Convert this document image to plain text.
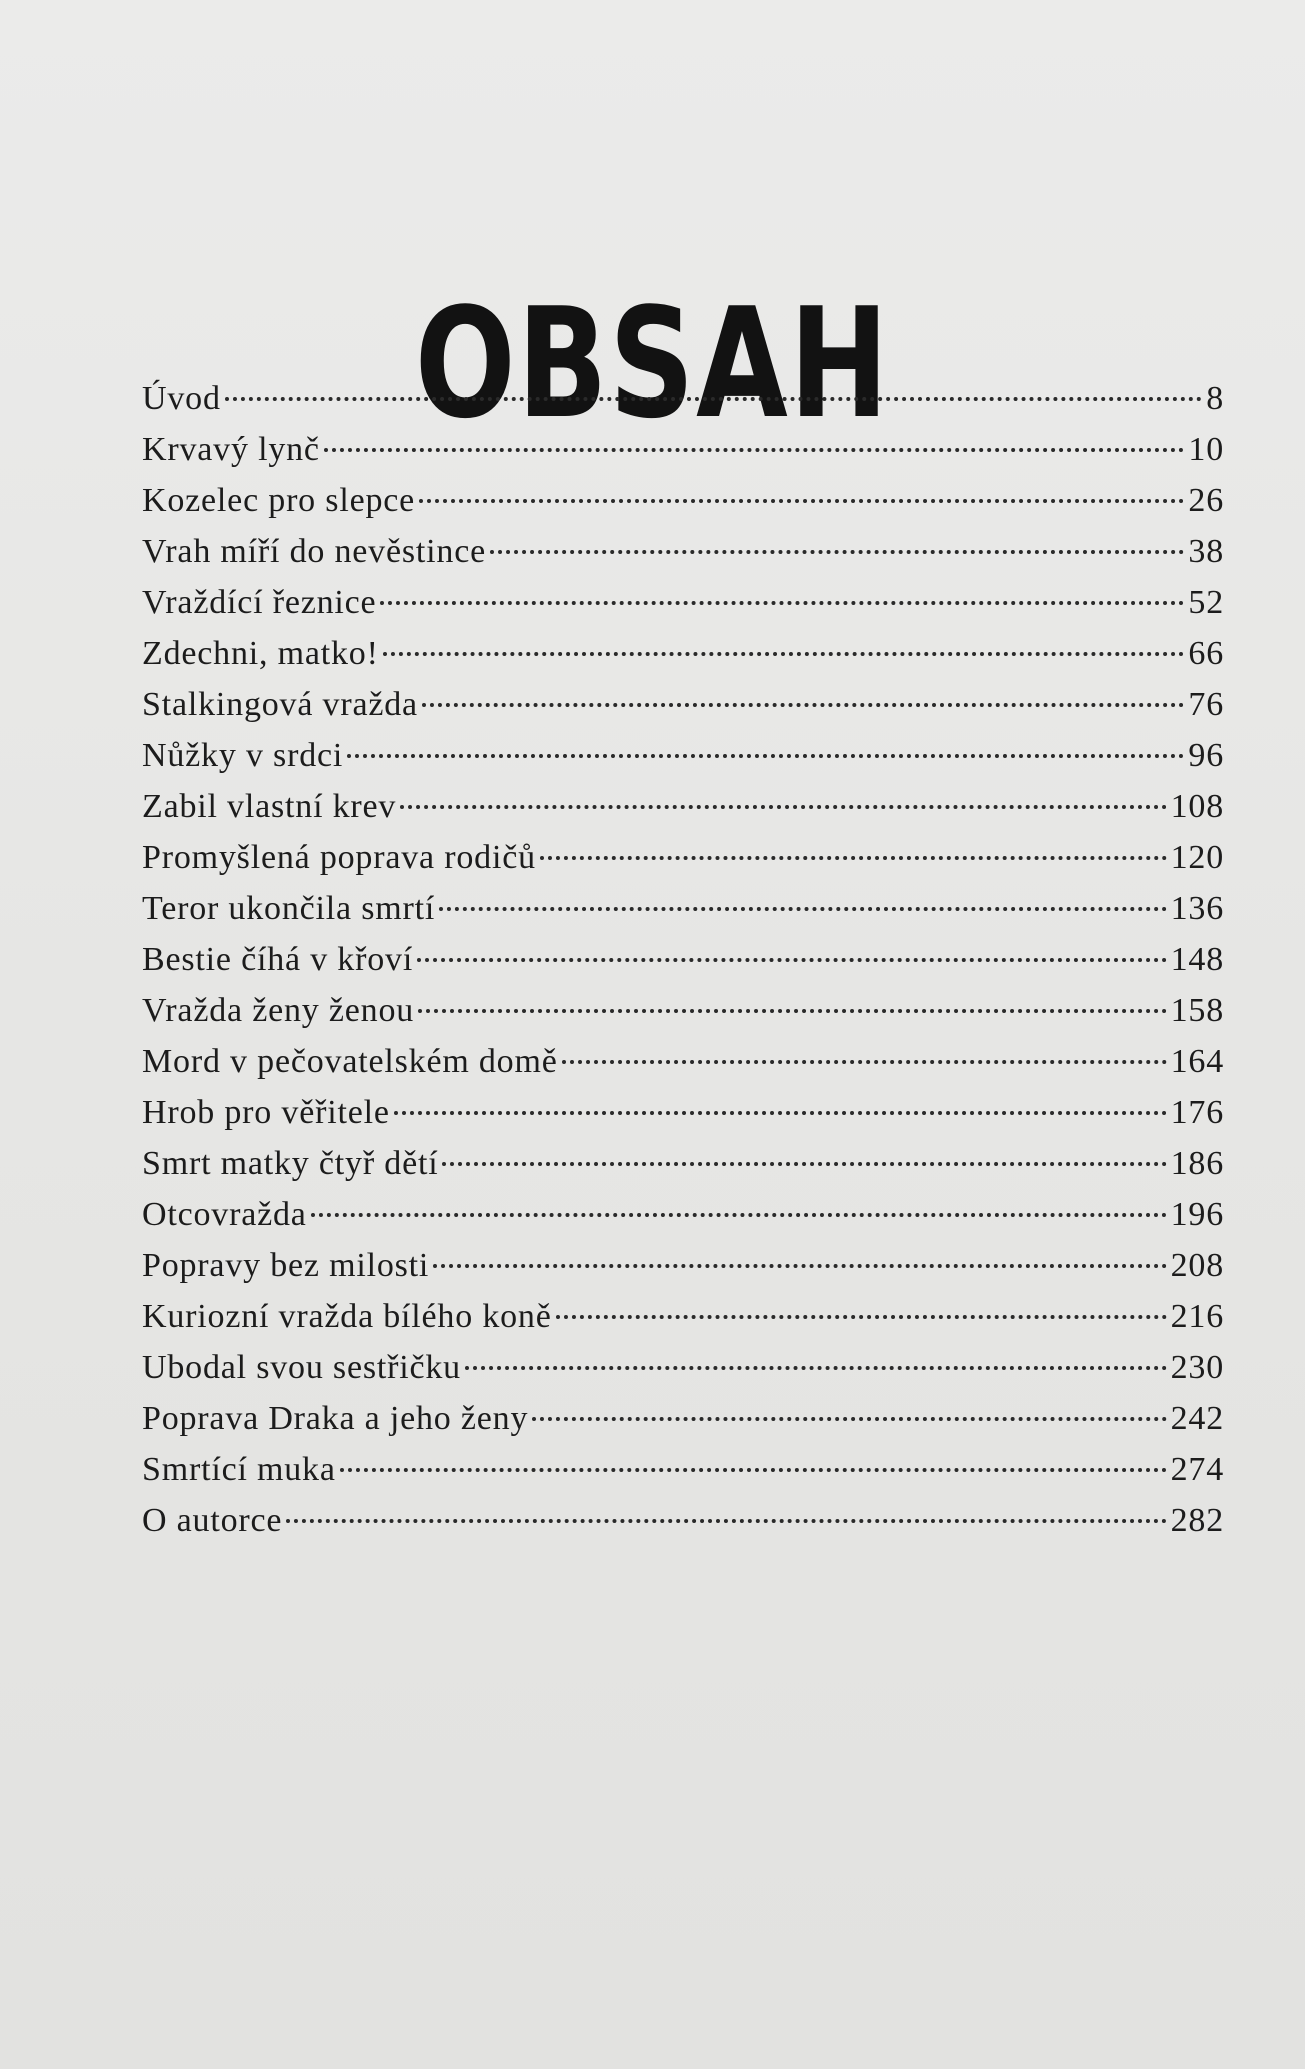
OBSAH
Úvod	8
Krvavý lynč	10
Kozelec pro slepce	26
Vrah míří do nevěstince	38
Vraždící řeznice	52
Zdechni, matko!	66
Stalkingová vražda	76
Nůžky v srdci	96
Zabil vlastní krev	108
Promyšlená poprava rodičů	120
Teror ukončila smrtí	136
Bestie číhá v křoví	148
Vražda ženy ženou	158
Mord v pečovatelském domě	164
Hrob pro věřitele	176
Smrt matky čtyř dětí	186
Otcovražda	196
Popravy bez milosti	208
Kuriozní vražda bílého koně	216
Ubodal svou sestřičku	230
Poprava Draka a jeho ženy	242
Smrtící muka	274
O autorce	282
